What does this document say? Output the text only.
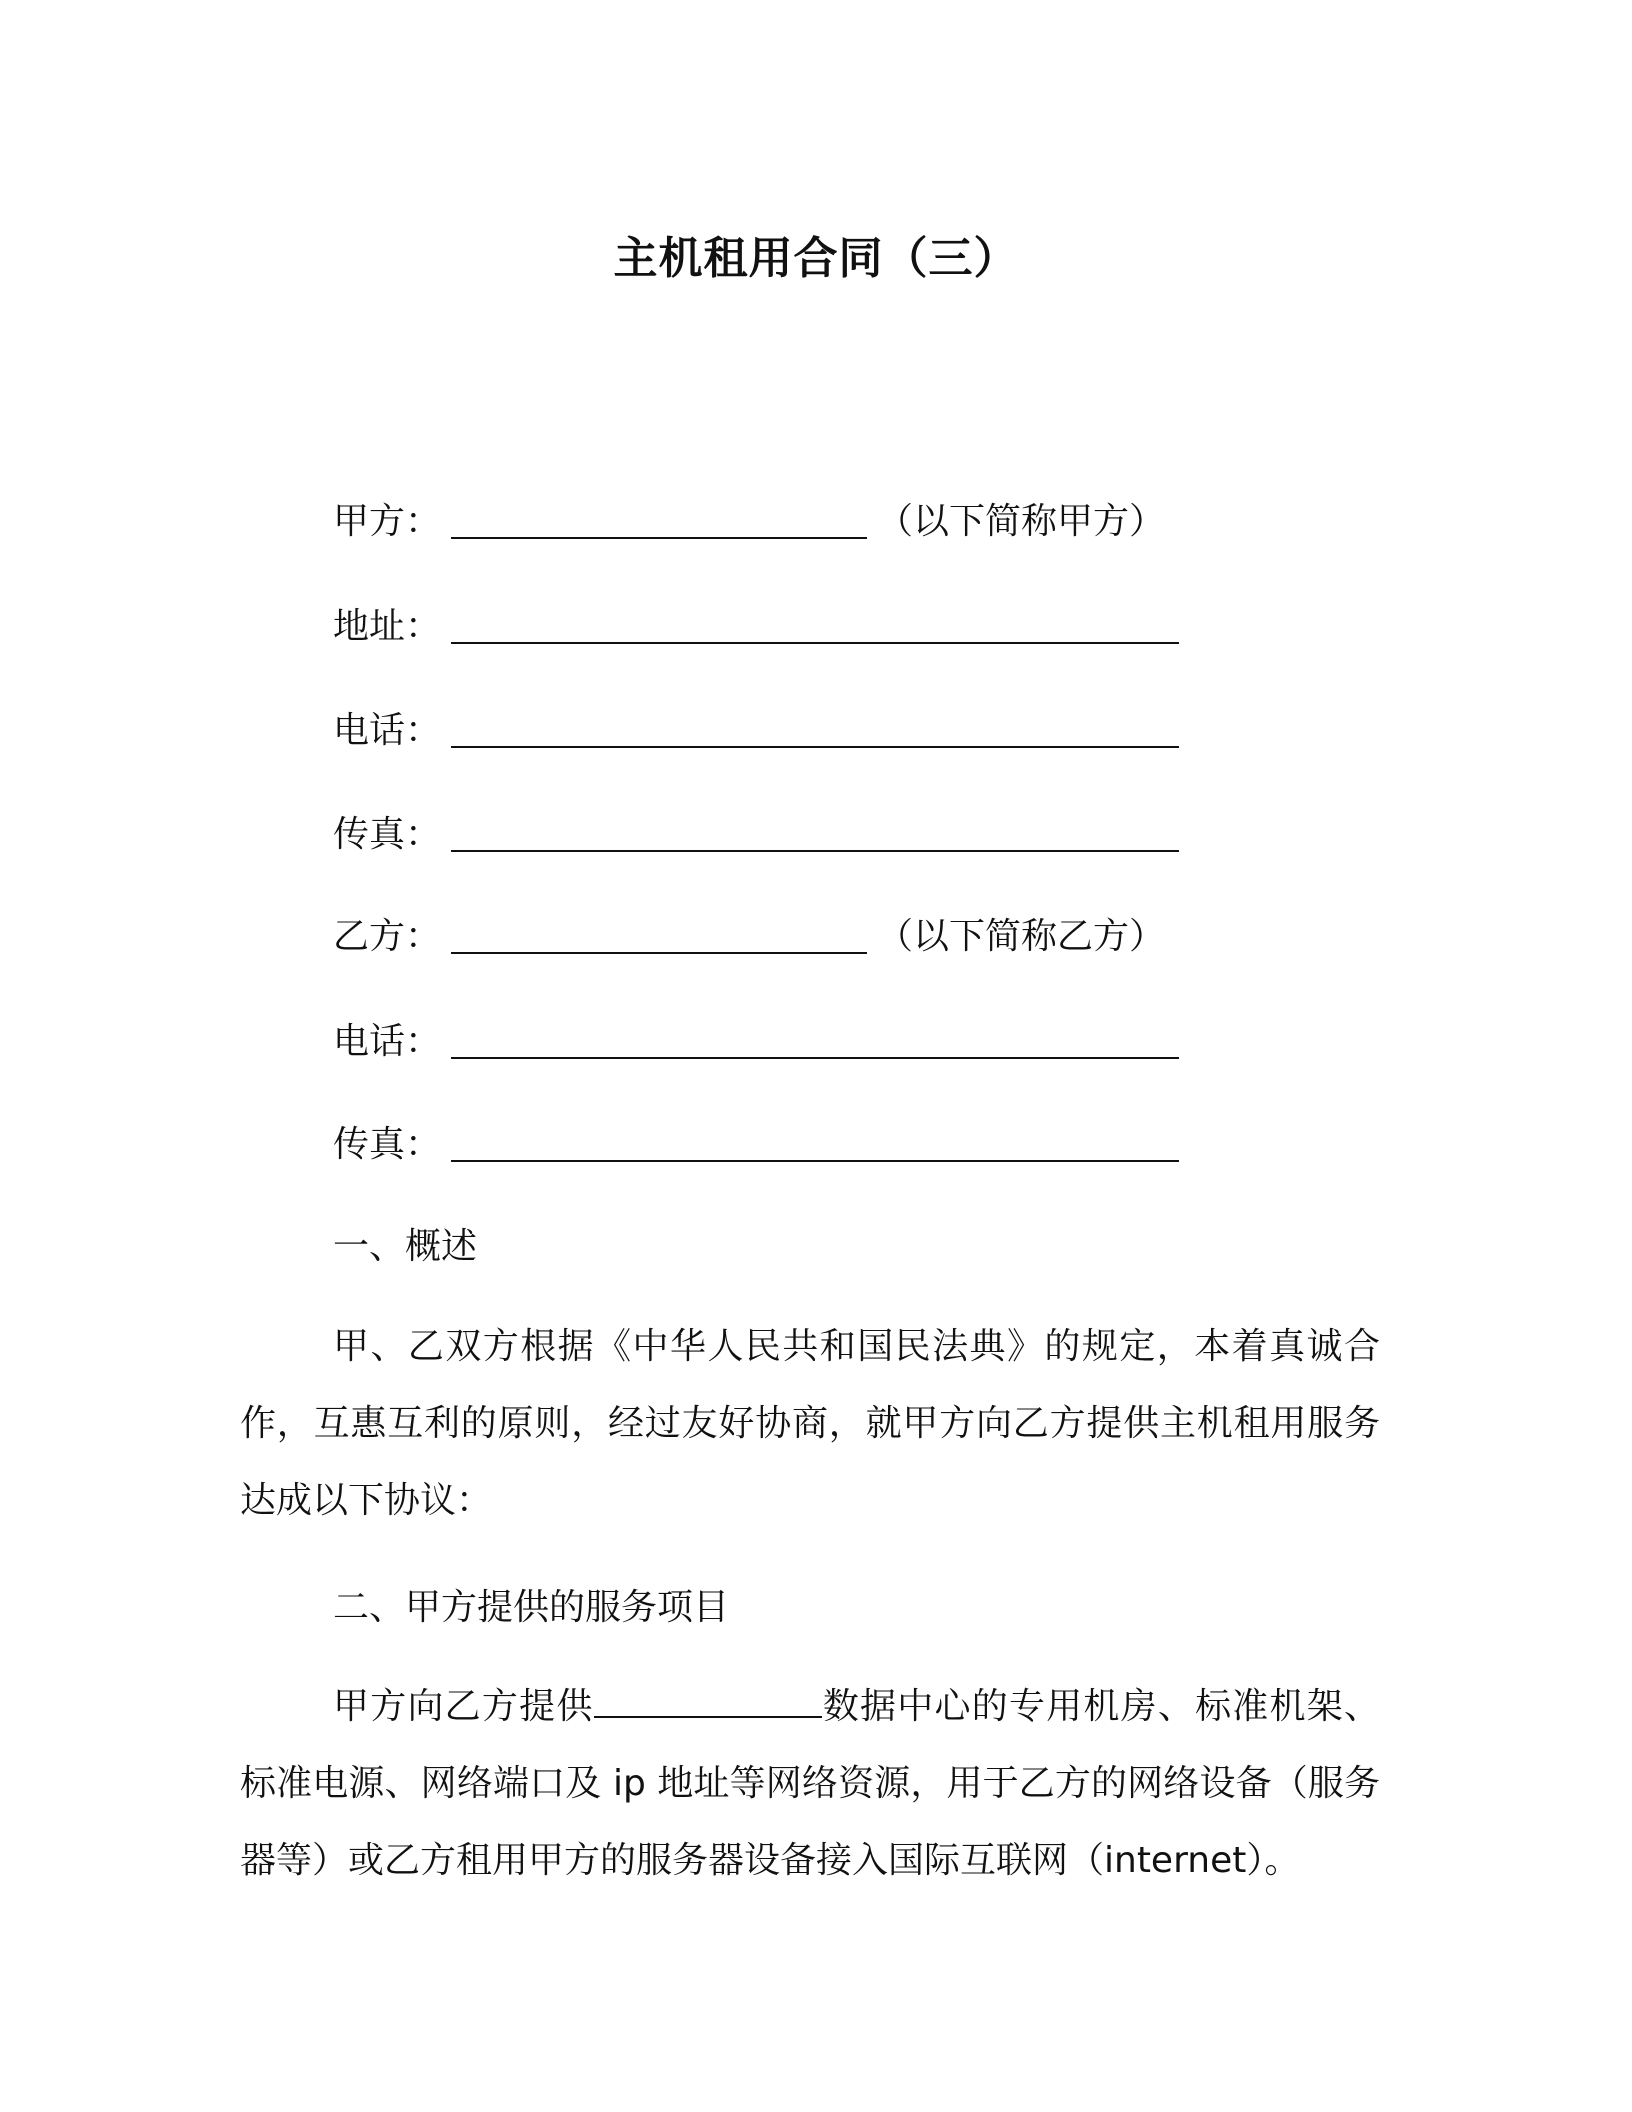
主机租用合同（三）
甲方：	（以下简称甲方）
地址：
电话：
传真：
乙方：	（以下简称乙方）
电话：
传真：
一、概述
甲、乙双方根据《中华人民共和国民法典》的规定，本着真诚合作，互惠互利的原则，经过友好协商，就甲方向乙方提供主机租用服务达成以下协议：
二、甲方提供的服务项目
甲方向乙方提供	数据中心的专用机房、标准机架、标准电源、网络端口及 ip 地址等网络资源，用于乙方的网络设备（服务器等）或乙方租用甲方的服务器设备接入国际互联网（internet）。
